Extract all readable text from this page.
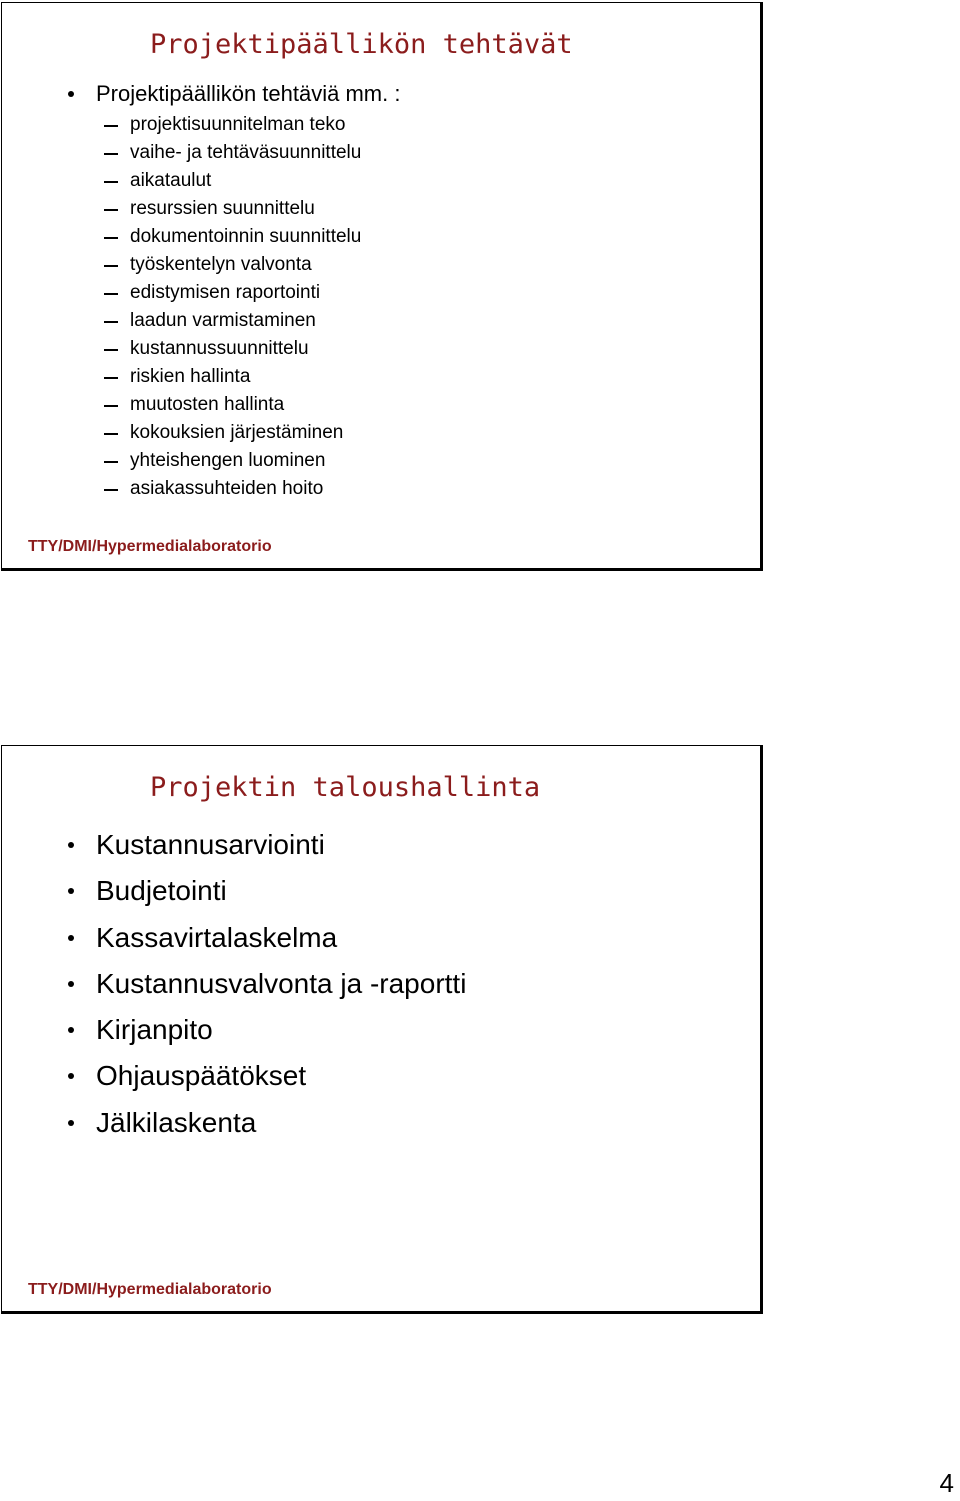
Projektipäällikön tehtävät
Projektipäällikön tehtäviä mm. :
projektisuunnitelman teko
vaihe- ja tehtäväsuunnittelu
aikataulut
resurssien suunnittelu
dokumentoinnin suunnittelu
työskentelyn valvonta
edistymisen raportointi
laadun varmistaminen
kustannussuunnittelu
riskien hallinta
muutosten hallinta
kokouksien järjestäminen
yhteishengen luominen
asiakassuhteiden hoito
TTY/DMI/Hypermedialaboratorio
Projektin taloushallinta
Kustannusarviointi
Budjetointi
Kassavirtalaskelma
Kustannusvalvonta ja -raportti
Kirjanpito
Ohjauspäätökset
Jälkilaskenta
TTY/DMI/Hypermedialaboratorio
4
